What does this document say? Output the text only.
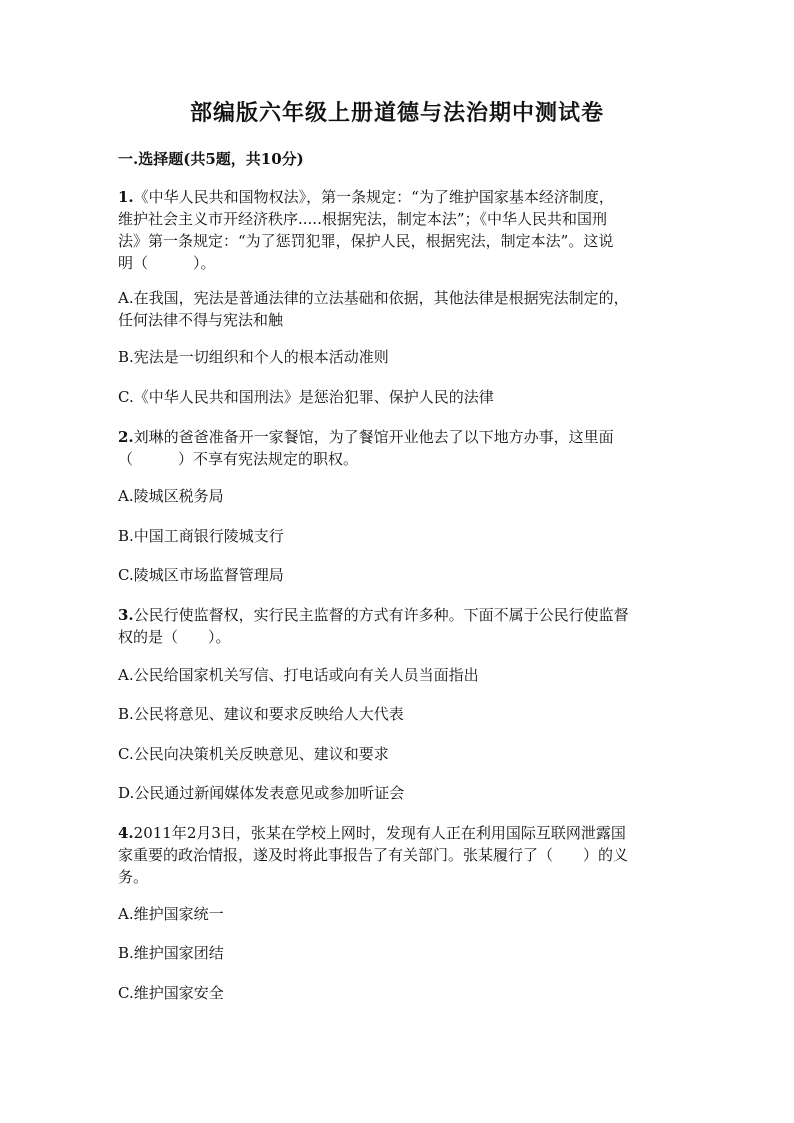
部编版六年级上册道德与法治期中测试卷
一.选择题(共5题，共10分)
1.《中华人民共和国物权法》，第一条规定：“为了维护国家基本经济制度，
维护社会主义市开经济秩序.....根据宪法，制定本法”；《中华人民共和国刑
法》第一条规定：“为了惩罚犯罪，保护人民，根据宪法，制定本法”。这说
明（　　　）。
A.在我国，宪法是普通法律的立法基础和依据，其他法律是根据宪法制定的，
任何法律不得与宪法和触
B.宪法是一切组织和个人的根本活动准则
C.《中华人民共和国刑法》是惩治犯罪、保护人民的法律
2.刘琳的爸爸准备开一家餐馆，为了餐馆开业他去了以下地方办事，这里面
（　　　）不享有宪法规定的职权。
A.陵城区税务局
B.中国工商银行陵城支行
C.陵城区市场监督管理局
3.公民行使监督权，实行民主监督的方式有许多种。下面不属于公民行使监督
权的是（　　）。
A.公民给国家机关写信、打电话或向有关人员当面指出
B.公民将意见、建议和要求反映给人大代表
C.公民向决策机关反映意见、建议和要求
D.公民通过新闻媒体发表意见或参加听证会
4.2011年2月3日，张某在学校上网时，发现有人正在利用国际互联网泄露国
家重要的政治情报，遂及时将此事报告了有关部门。张某履行了（　　）的义
务。
A.维护国家统一
B.维护国家团结
C.维护国家安全
